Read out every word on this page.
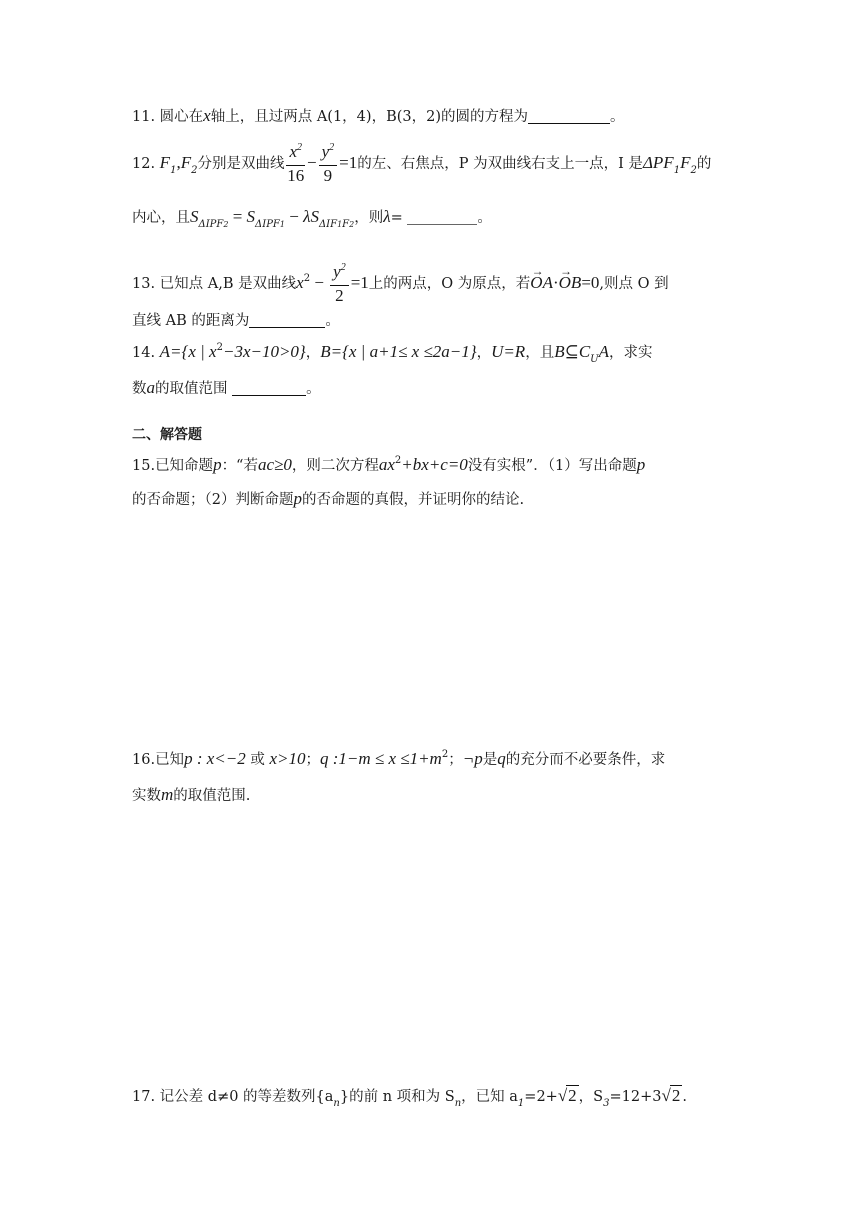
11. 圆心在x轴上，且过两点 A(1，4)，B(3，2)的圆的方程为	。
12. $F_1,F_2$分别是双曲线 $\frac{x^2}{16} - \frac{y^2}{9} =1$的左、右焦点，P 为双曲线右支上一点，I 是$\Delta PF_1F_2$的
内心，且$S_{\Delta IPF2} = S_{\Delta IPF1} - \lambda S_{\Delta IF1F2}$，则λ=	。
13. 已知点 A,B 是双曲线$x^2 - \frac{y^2}{2} =1$上的两点，O 为原点，若→ OA·→ OB=0,则点 O 到
直线 AB 的距离为	。
14. A={x | $x^2-3x-10>0$}，B={x | a+1≤ x ≤2a−1}，U=R，且$B⊆C_UA$，求实
数a的取值范围	。
二、解答题
15.已知命题p：“若ac≥0，则二次方程$ax^2+bx+c=0$没有实根”．（1）写出命题p
的否命题；（2）判断命题p的否命题的真假，并证明你的结论.
16.已知p : x<−2 或 x>10；q :1−m ≤ $x \le 1+m^2$；¬p是q的充分而不必要条件，求
实数m的取值范围.
17. 记公差 d≠0 的等差数列$\{a_n\}$的前 n 项和为 $S_n$，已知 $a_1=2+√2$ ，$S_3=12+3√2$ .
